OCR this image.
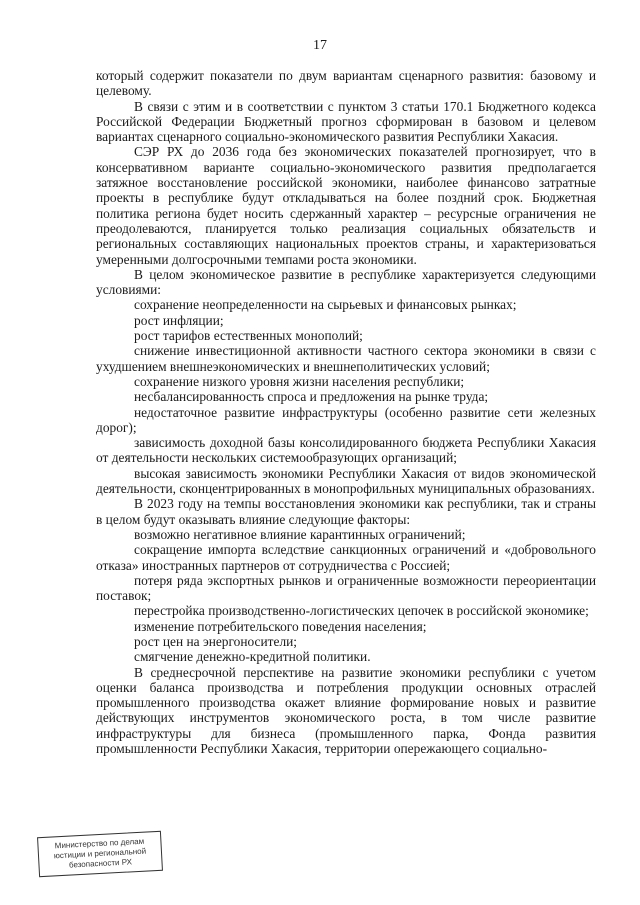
17

который содержит показатели по двум вариантам сценарного развития: базовому и целевому.

В связи с этим и в соответствии с пунктом 3 статьи 170.1 Бюджетного кодекса Российской Федерации Бюджетный прогноз сформирован в базовом и целевом вариантах сценарного социально-экономического развития Республики Хакасия.

СЭР РХ до 2036 года без экономических показателей прогнозирует, что в консервативном варианте социально-экономического развития предполагается затяжное восстановление российской экономики, наиболее финансово затратные проекты в республике будут откладываться на более поздний срок. Бюджетная политика региона будет носить сдержанный характер – ресурсные ограничения не преодолеваются, планируется только реализация социальных обязательств и региональных составляющих национальных проектов страны, и характеризоваться умеренными долгосрочными темпами роста экономики.

В целом экономическое развитие в республике характеризуется следующими условиями:

сохранение неопределенности на сырьевых и финансовых рынках;

рост инфляции;

рост тарифов естественных монополий;

снижение инвестиционной активности частного сектора экономики в связи с ухудшением внешнеэкономических и внешнеполитических условий;

сохранение низкого уровня жизни населения республики;

несбалансированность спроса и предложения на рынке труда;

недостаточное развитие инфраструктуры (особенно развитие сети железных дорог);

зависимость доходной базы консолидированного бюджета Республики Хакасия от деятельности нескольких системообразующих организаций;

высокая зависимость экономики Республики Хакасия от видов экономической деятельности, сконцентрированных в монопрофильных муниципальных образованиях.

В 2023 году на темпы восстановления экономики как республики, так и страны в целом будут оказывать влияние следующие факторы:

возможно негативное влияние карантинных ограничений;

сокращение импорта вследствие санкционных ограничений и «добровольного отказа» иностранных партнеров от сотрудничества с Россией;

потеря ряда экспортных рынков и ограниченные возможности переориентации поставок;

перестройка производственно-логистических цепочек в российской экономике;

изменение потребительского поведения населения;

рост цен на энергоносители;

смягчение денежно-кредитной политики.

В среднесрочной перспективе на развитие экономики республики с учетом оценки баланса производства и потребления продукции основных отраслей промышленного производства окажет влияние формирование новых и развитие действующих инструментов экономического роста, в том числе развитие инфраструктуры для бизнеса (промышленного парка, Фонда развития промышленности Республики Хакасия, территории опережающего социально-

Министерство по делам
юстиции и региональной
безопасности РХ
